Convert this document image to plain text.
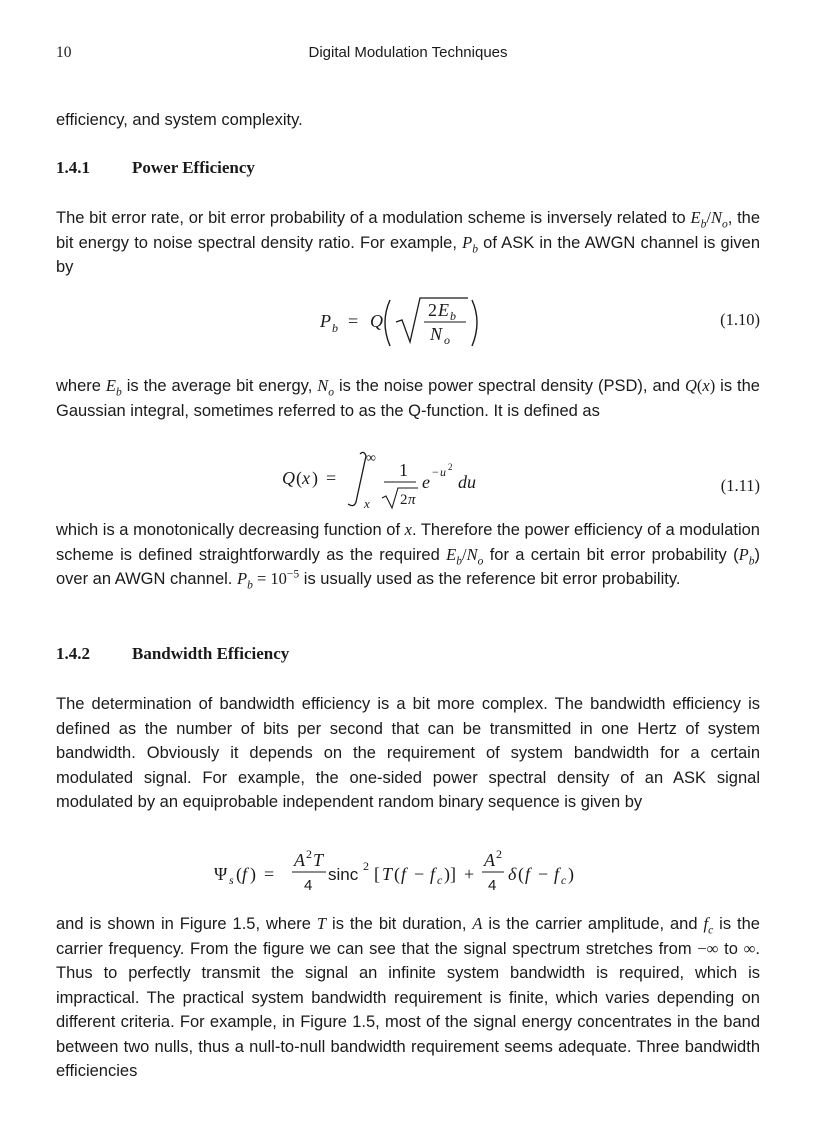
10	Digital Modulation Techniques
efficiency, and system complexity.
1.4.1 Power Efficiency
The bit error rate, or bit error probability of a modulation scheme is inversely related to $E_b/N_o$, the bit energy to noise spectral density ratio. For example, $P_b$ of ASK in the AWGN channel is given by
P b = Q
2 E b
N o
(1.10)
where $E_b$ is the average bit energy, $N_o$ is the noise power spectral density (PSD), and Q(x) is the Gaussian integral, sometimes referred to as the Q-function. It is defined as
Q ( x ) =
∞
x
1
2 π
e − u 2
du	(1.11)
which is a monotonically decreasing function of x. Therefore the power efficiency of a modulation scheme is defined straightforwardly as the required $E_b/N_o$ for a certain bit error probability $(P_b)$ over an AWGN channel. $P_b = 10^{-5}$ is usually used as the reference bit error probability.
1.4.2 Bandwidth Efficiency
The determination of bandwidth efficiency is a bit more complex. The bandwidth efficiency is defined as the number of bits per second that can be transmitted in one Hertz of system bandwidth. Obviously it depends on the requirement of system bandwidth for a certain modulated signal. For example, the one-sided power spectral density of an ASK signal modulated by an equiprobable independent random binary sequence is given by
Ψ s ( f ) =
A 2 T
4
sinc 2 [ T ( f − f c )] +
A 2
4
δ ( f − f c )
and is shown in Figure 1.5, where T is the bit duration, A is the carrier amplitude, and $f_c$ is the carrier frequency. From the figure we can see that the signal spectrum stretches from −∞ to ∞. Thus to perfectly transmit the signal an infinite system bandwidth is required, which is impractical. The practical system bandwidth requirement is finite, which varies depending on different criteria. For example, in Figure 1.5, most of the signal energy concentrates in the band between two nulls, thus a null-to-null bandwidth requirement seems adequate. Three bandwidth efficiencies
